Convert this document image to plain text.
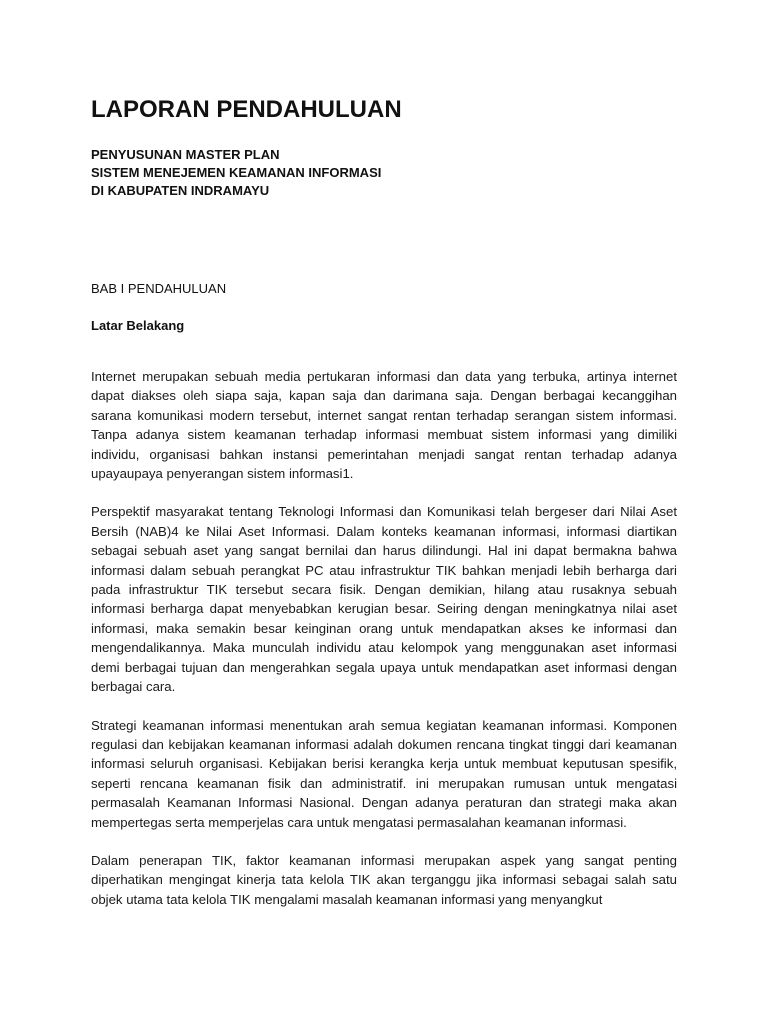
LAPORAN PENDAHULUAN
PENYUSUNAN MASTER PLAN
SISTEM MENEJEMEN KEAMANAN INFORMASI
DI KABUPATEN INDRAMAYU
BAB I PENDAHULUAN
Latar Belakang

Internet merupakan sebuah media pertukaran informasi dan data yang terbuka, artinya internet dapat diakses oleh siapa saja, kapan saja dan darimana saja. Dengan berbagai kecanggihan sarana komunikasi modern tersebut, internet sangat rentan terhadap serangan sistem informasi. Tanpa adanya sistem keamanan terhadap informasi membuat sistem informasi yang dimiliki individu, organisasi bahkan instansi pemerintahan menjadi sangat rentan terhadap adanya upayaupaya penyerangan sistem informasi1.

Perspektif masyarakat tentang Teknologi Informasi dan Komunikasi telah bergeser dari Nilai Aset Bersih (NAB)4 ke Nilai Aset Informasi. Dalam konteks keamanan informasi, informasi diartikan sebagai sebuah aset yang sangat bernilai dan harus dilindungi. Hal ini dapat bermakna bahwa informasi dalam sebuah perangkat PC atau infrastruktur TIK bahkan menjadi lebih berharga dari pada infrastruktur TIK tersebut secara fisik. Dengan demikian, hilang atau rusaknya sebuah informasi berharga dapat menyebabkan kerugian besar. Seiring dengan meningkatnya nilai aset informasi, maka semakin besar keinginan orang untuk mendapatkan akses ke informasi dan mengendalikannya. Maka munculah individu atau kelompok yang menggunakan aset informasi demi berbagai tujuan dan mengerahkan segala upaya untuk mendapatkan aset informasi dengan berbagai cara.

Strategi keamanan informasi menentukan arah semua kegiatan keamanan informasi. Komponen regulasi dan kebijakan keamanan informasi adalah dokumen rencana tingkat tinggi dari keamanan informasi seluruh organisasi. Kebijakan berisi kerangka kerja untuk membuat keputusan spesifik, seperti rencana keamanan fisik dan administratif. ini merupakan rumusan untuk mengatasi permasalah Keamanan Informasi Nasional. Dengan adanya peraturan dan strategi maka akan mempertegas serta memperjelas cara untuk mengatasi permasalahan keamanan informasi.

Dalam penerapan TIK, faktor keamanan informasi merupakan aspek yang sangat penting diperhatikan mengingat kinerja tata kelola TIK akan terganggu jika informasi sebagai salah satu objek utama tata kelola TIK mengalami masalah keamanan informasi yang menyangkut
